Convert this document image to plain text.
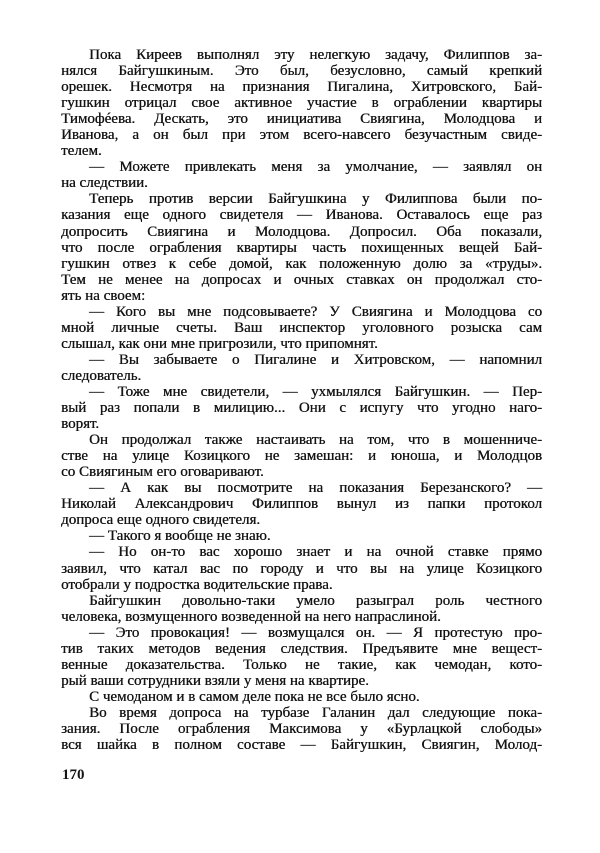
Пока Киреев выполнял эту нелегкую задачу, Филиппов за-
нялся Байгушкиным. Это был, безусловно, самый крепкий
орешек. Несмотря на признания Пигалина, Хитровского, Бай-
гушкин отрицал свое активное участие в ограблении квартиры
Тимофéева. Дескать, это инициатива Свиягина, Молодцова и
Иванова, а он был при этом всего-навсего безучастным свиде-
телем.
— Можете привлекать меня за умолчание, — заявлял он
на следствии.
Теперь против версии Байгушкина у Филиппова были по-
казания еще одного свидетеля — Иванова. Оставалось еще раз
допросить Свиягина и Молодцова. Допросил. Оба показали,
что после ограбления квартиры часть похищенных вещей Бай-
гушкин отвез к себе домой, как положенную долю за «труды».
Тем не менее на допросах и очных ставках он продолжал сто-
ять на своем:
— Кого вы мне подсовываете? У Свиягина и Молодцова со
мной личные счеты. Ваш инспектор уголовного розыска сам
слышал, как они мне пригрозили, что припомнят.
— Вы забываете о Пигалине и Хитровском, — напомнил
следователь.
— Тоже мне свидетели, — ухмылялся Байгушкин. — Пер-
вый раз попали в милицию... Они с испугу что угодно наго-
ворят.
Он продолжал также настаивать на том, что в мошенниче-
стве на улице Козицкого не замешан: и юноша, и Молодцов
со Свиягиным его оговаривают.
— А как вы посмотрите на показания Березанского? —
Николай Александрович Филиппов вынул из папки протокол
допроса еще одного свидетеля.
— Такого я вообще не знаю.
— Но он-то вас хорошо знает и на очной ставке прямо
заявил, что катал вас по городу и что вы на улице Козицкого
отобрали у подростка водительские права.
Байгушкин довольно-таки умело разыграл роль честного
человека, возмущенного возведенной на него напраслиной.
— Это провокация! — возмущался он. — Я протестую про-
тив таких методов ведения следствия. Предъявите мне вещест-
венные доказательства. Только не такие, как чемодан, кото-
рый ваши сотрудники взяли у меня на квартире.
С чемоданом и в самом деле пока не все было ясно.
Во время допроса на турбазе Галанин дал следующие пока-
зания. После ограбления Максимова у «Бурлацкой слободы»
вся шайка в полном составе — Байгушкин, Свиягин, Молод-
170
